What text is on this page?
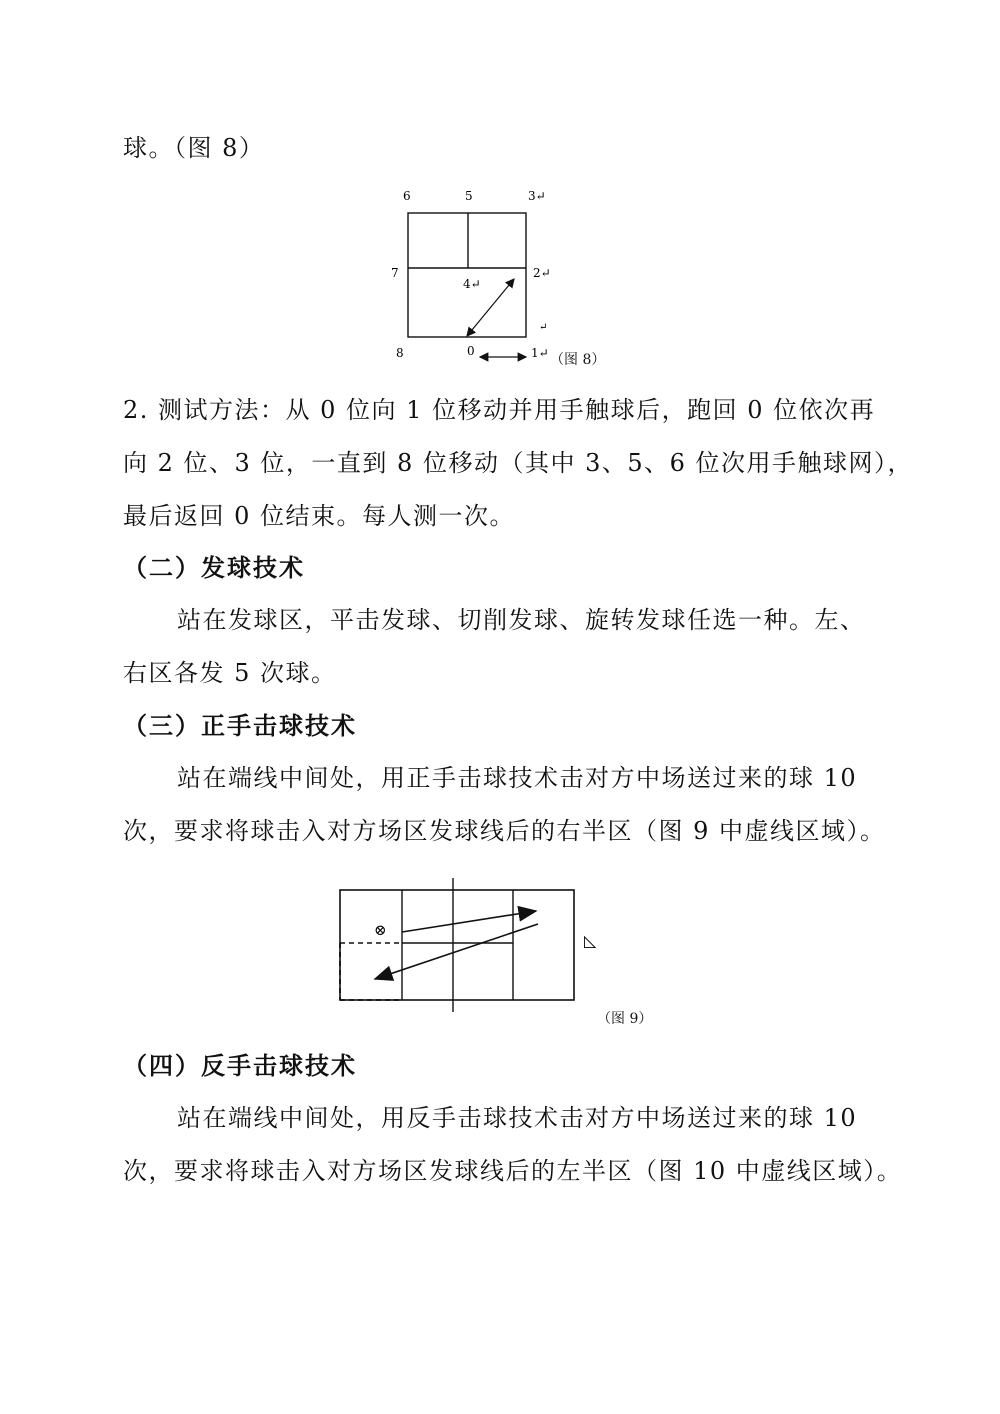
球。（图 8）
6	5	3↵
7
4↵
2↵
↵
8	0	1↵ （图 8）
2. 测试方法：从 0 位向 1 位移动并用手触球后，跑回 0 位依次再
向 2 位、3 位，一直到 8 位移动（其中 3、5、6 位次用手触球网），
最后返回 0 位结束。每人测一次。
（二）发球技术
站在发球区，平击发球、切削发球、旋转发球任选一种。左、
右区各发 5 次球。
（三）正手击球技术
站在端线中间处，用正手击球技术击对方中场送过来的球 10
次，要求将球击入对方场区发球线后的右半区（图 9 中虚线区域）。
⊗
◺
（图 9）
（四）反手击球技术
站在端线中间处，用反手击球技术击对方中场送过来的球 10
次，要求将球击入对方场区发球线后的左半区（图 10 中虚线区域）。
